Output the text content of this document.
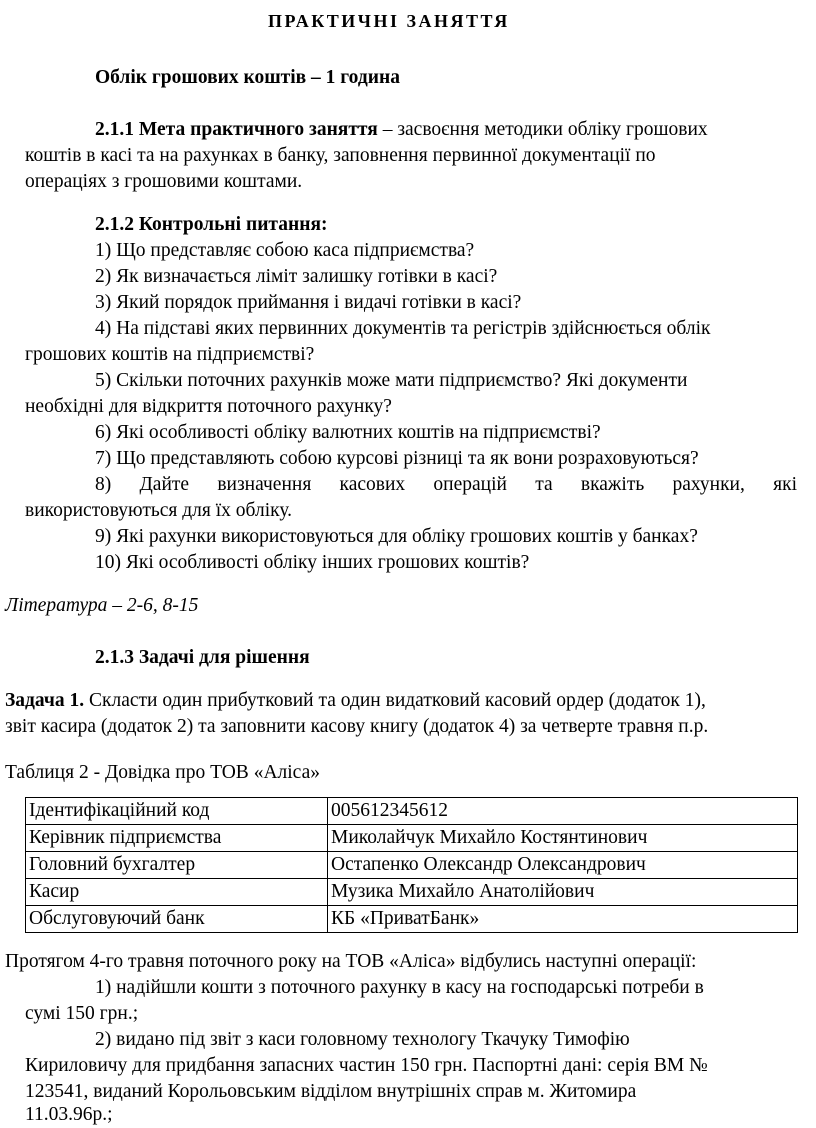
ПРАКТИЧНІ ЗАНЯТТЯ
Облік грошових коштів – 1 година
2.1.1 Мета практичного заняття – засвоєння методики обліку грошових
коштів в касі та на рахунках в банку, заповнення первинної документації по
операціях з грошовими коштами.
2.1.2 Контрольні питання:
1) Що представляє собою каса підприємства?
2) Як визначається ліміт залишку готівки в касі?
3) Який порядок приймання і видачі готівки в касі?
4) На підставі яких первинних документів та регістрів здійснюється облік
грошових коштів на підприємстві?
5) Скільки поточних рахунків може мати підприємство? Які документи
необхідні для відкриття поточного рахунку?
6) Які особливості обліку валютних коштів на підприємстві?
7) Що представляють собою курсові різниці та як вони розраховуються?
8) Дайте визначення касових операцій та вкажіть рахунки, які
використовуються для їх обліку.
9) Які рахунки використовуються для обліку грошових коштів у банках?
10) Які особливості обліку інших грошових коштів?
Література – 2-6, 8-15
2.1.3 Задачі для рішення
Задача 1. Скласти один прибутковий та один видатковий касовий ордер (додаток 1),
звіт касира (додаток 2) та заповнити касову книгу (додаток 4) за четверте травня п.р.
Таблиця 2 - Довідка про ТОВ «Аліса»
Ідентифікаційний код	005612345612
Керівник підприємства	Миколайчук Михайло Костянтинович
Головний бухгалтер	Остапенко Олександр Олександрович
Касир	Музика Михайло Анатолійович
Обслуговуючий банк	КБ «ПриватБанк»
Протягом 4-го травня поточного року на ТОВ «Аліса» відбулись наступні операції:
1) надійшли кошти з поточного рахунку в касу на господарські потреби в
сумі 150 грн.;
2) видано під звіт з каси головному технологу Ткачуку Тимофію
Кириловичу для придбання запасних частин 150 грн. Паспортні дані: серія ВМ №
123541, виданий Корольовським відділом внутрішніх справ м. Житомира
11.03.96р.;
